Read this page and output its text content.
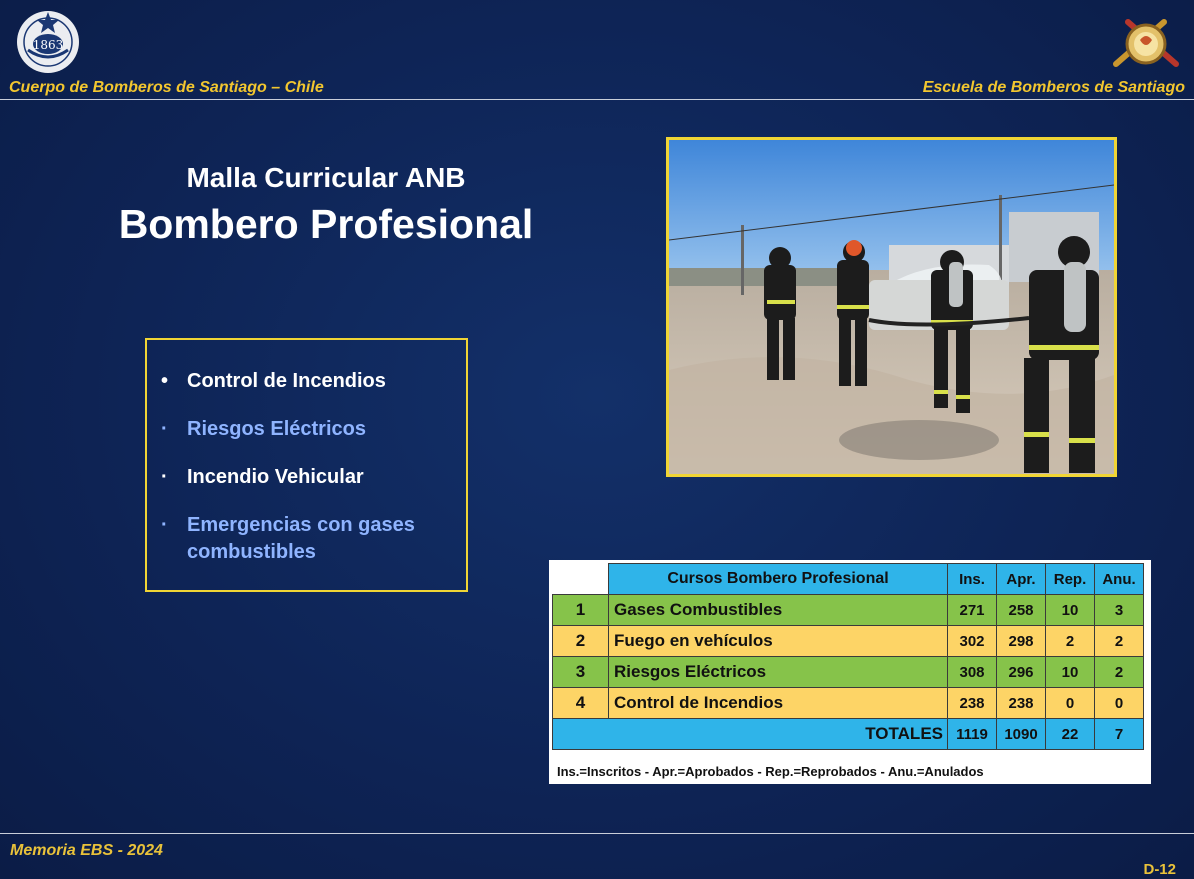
1863
Cuerpo de Bomberos de Santiago – Chile	Escuela de Bomberos de Santiago
Malla Curricular ANB
Bombero Profesional
• Control de Incendios
· Riesgos Eléctricos
· Incendio Vehicular
· Emergencias con gases combustibles
	Cursos Bombero Profesional	Ins.	Apr.	Rep.	Anu.
1	Gases Combustibles	271	258	10	3
2	Fuego en vehículos	302	298	2	2
3	Riesgos Eléctricos	308	296	10	2
4	Control de Incendios	238	238	0	0
TOTALES		1119	1090	22	7
Ins.=Inscritos - Apr.=Aprobados - Rep.=Reprobados - Anu.=Anulados
Memoria EBS - 2024
D-12
